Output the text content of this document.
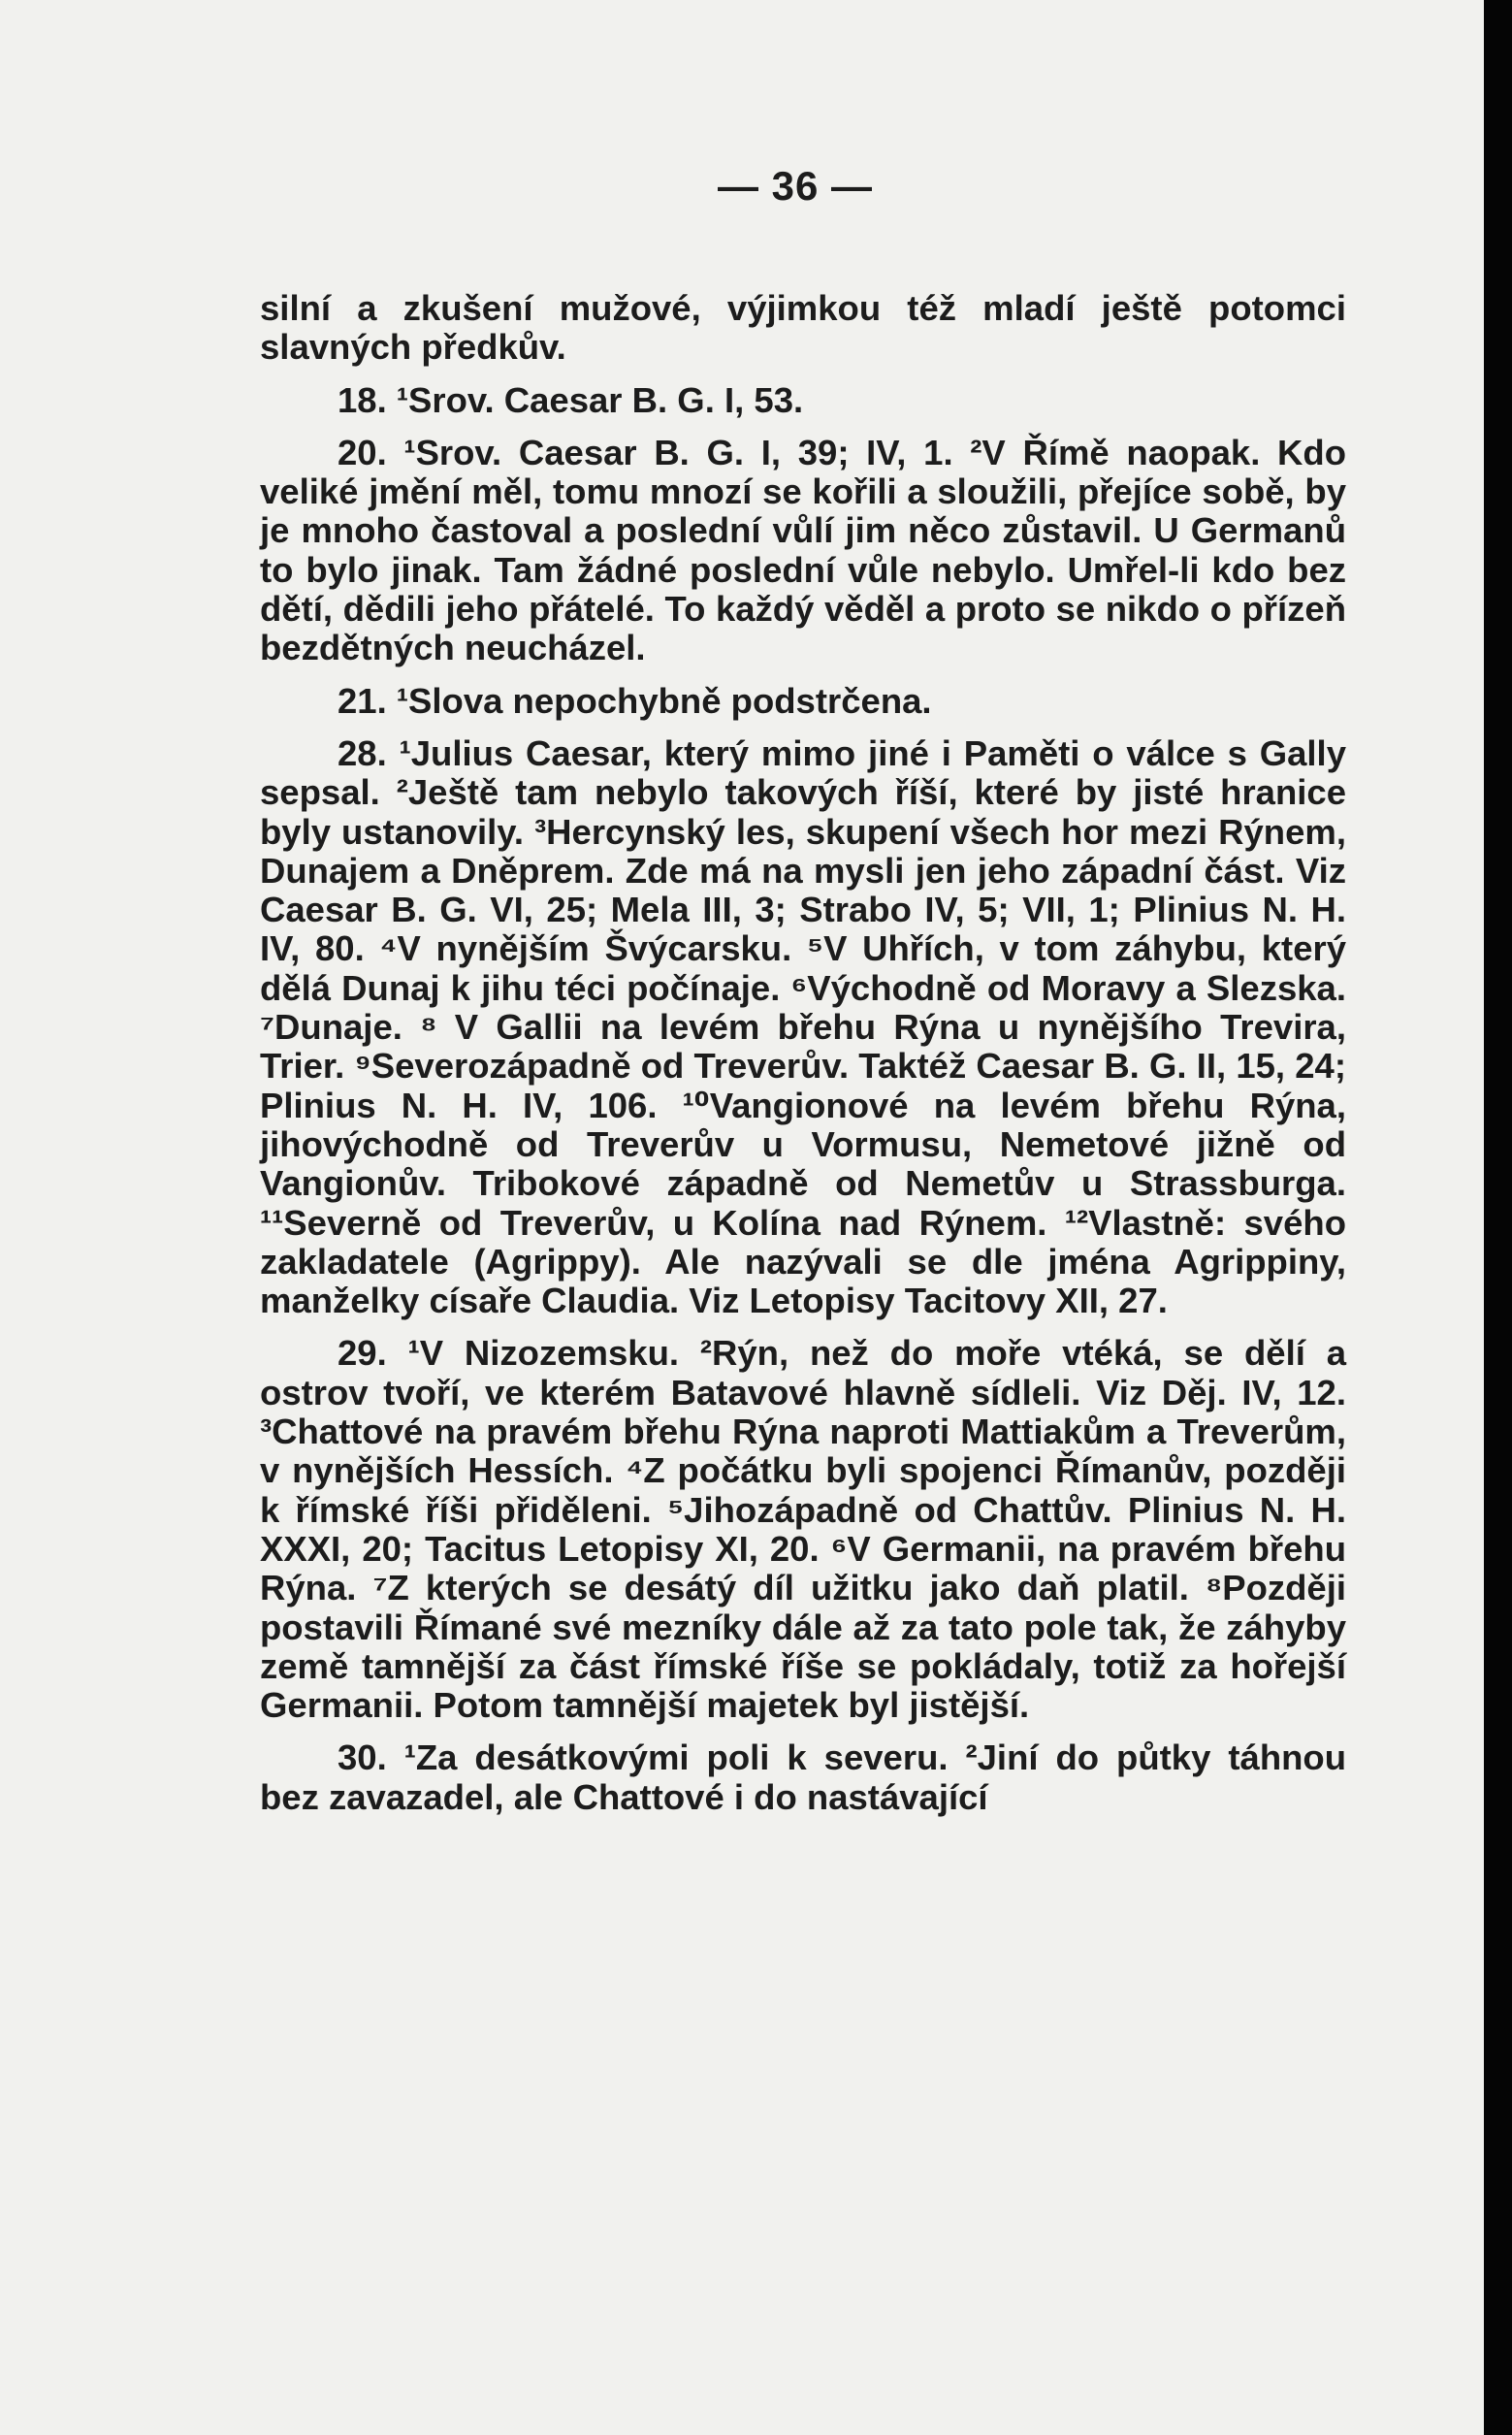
— 36 —

silní a zkušení mužové, výjimkou též mladí ještě potomci slavných předkův.

18. ¹Srov. Caesar B. G. I, 53.

20. ¹Srov. Caesar B. G. I, 39; IV, 1. ²V Římě naopak. Kdo veliké jmění měl, tomu mnozí se kořili a sloužili, přejíce sobě, by je mnoho častoval a poslední vůlí jim něco zůstavil. U Germanů to bylo jinak. Tam žádné poslední vůle nebylo. Umřel-li kdo bez dětí, dědili jeho přátelé. To každý věděl a proto se nikdo o přízeň bezdětných neucházel.

21. ¹Slova nepochybně podstrčena.

28. ¹Julius Caesar, který mimo jiné i Paměti o válce s Gally sepsal. ²Ještě tam nebylo takových říší, které by jisté hranice byly ustanovily. ³Hercynský les, skupení všech hor mezi Rýnem, Dunajem a Dněprem. Zde má na mysli jen jeho západní část. Viz Caesar B. G. VI, 25; Mela III, 3; Strabo IV, 5; VII, 1; Plinius N. H. IV, 80. ⁴V nynějším Švýcarsku. ⁵V Uhřích, v tom záhybu, který dělá Dunaj k jihu téci počínaje. ⁶Východně od Moravy a Slezska. ⁷Dunaje. ⁸ V Gallii na levém břehu Rýna u nynějšího Trevira, Trier. ⁹Severozápadně od Treverův. Taktéž Caesar B. G. II, 15, 24; Plinius N. H. IV, 106. ¹⁰Vangionové na levém břehu Rýna, jihovýchodně od Treverův u Vormusu, Nemetové jižně od Vangionův. Tribokové západně od Nemetův u Strassburga. ¹¹Severně od Treverův, u Kolína nad Rýnem. ¹²Vlastně: svého zakladatele (Agrippy). Ale nazývali se dle jména Agrippiny, manželky císaře Claudia. Viz Letopisy Tacitovy XII, 27.

29. ¹V Nizozemsku. ²Rýn, než do moře vtéká, se dělí a ostrov tvoří, ve kterém Batavové hlavně sídleli. Viz Děj. IV, 12. ³Chattové na pravém břehu Rýna naproti Mattiakům a Treverům, v nynějších Hessích. ⁴Z počátku byli spojenci Římanův, později k římské říši přiděleni. ⁵Jihozápadně od Chattův. Plinius N. H. XXXI, 20; Tacitus Letopisy XI, 20. ⁶V Germanii, na pravém břehu Rýna. ⁷Z kterých se desátý díl užitku jako daň platil. ⁸Později postavili Římané své mezníky dále až za tato pole tak, že záhyby země tamnější za část římské říše se pokládaly, totiž za hořejší Germanii. Potom tamnější majetek byl jistější.

30. ¹Za desátkovými poli k severu. ²Jiní do půtky táhnou bez zavazadel, ale Chattové i do nastávající
